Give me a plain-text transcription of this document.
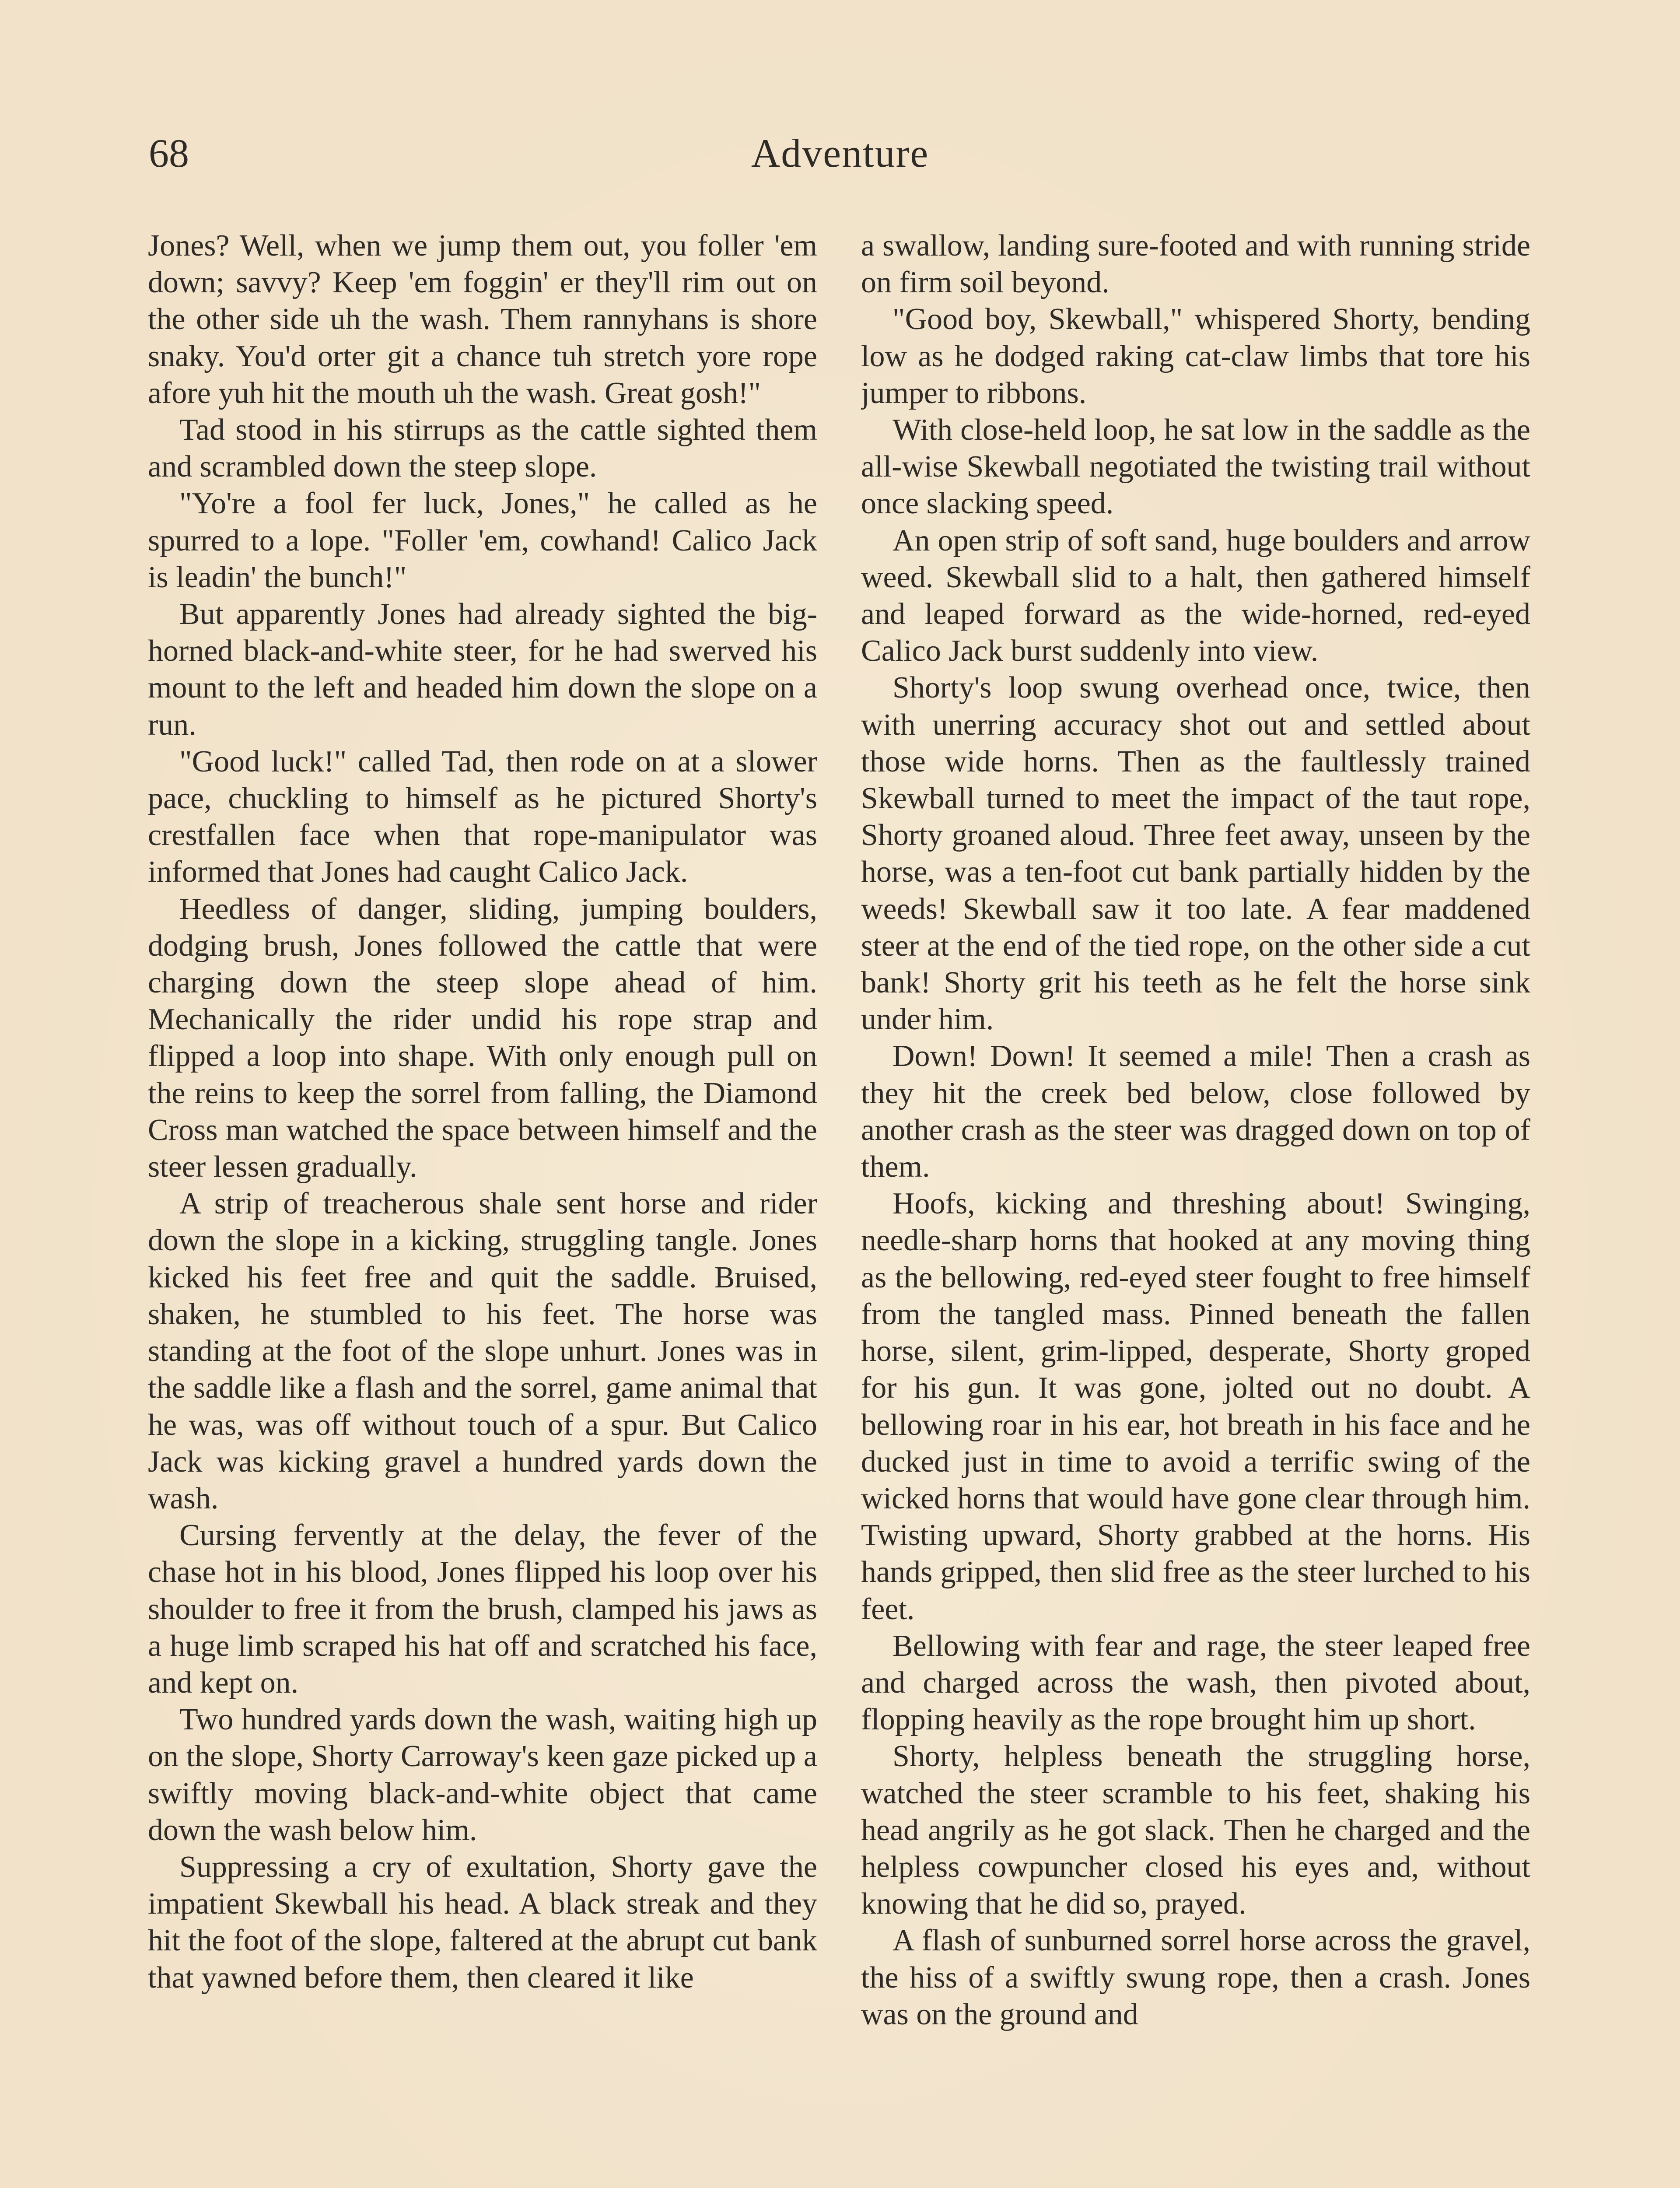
68	Adventure

Jones? Well, when we jump them out, you foller 'em down; savvy? Keep 'em foggin' er they'll rim out on the other side uh the wash. Them rannyhans is shore snaky. You'd orter git a chance tuh stretch yore rope afore yuh hit the mouth uh the wash. Great gosh!"

Tad stood in his stirrups as the cattle sighted them and scrambled down the steep slope.

"Yo're a fool fer luck, Jones," he called as he spurred to a lope. "Foller 'em, cowhand! Calico Jack is leadin' the bunch!"

But apparently Jones had already sighted the big-horned black-and-white steer, for he had swerved his mount to the left and headed him down the slope on a run.

"Good luck!" called Tad, then rode on at a slower pace, chuckling to himself as he pictured Shorty's crestfallen face when that rope-manipulator was informed that Jones had caught Calico Jack.

Heedless of danger, sliding, jumping boulders, dodging brush, Jones followed the cattle that were charging down the steep slope ahead of him. Mechanically the rider undid his rope strap and flipped a loop into shape. With only enough pull on the reins to keep the sorrel from falling, the Diamond Cross man watched the space between himself and the steer lessen gradually.

A strip of treacherous shale sent horse and rider down the slope in a kicking, struggling tangle. Jones kicked his feet free and quit the saddle. Bruised, shaken, he stumbled to his feet. The horse was standing at the foot of the slope unhurt. Jones was in the saddle like a flash and the sorrel, game animal that he was, was off without touch of a spur. But Calico Jack was kicking gravel a hundred yards down the wash.

Cursing fervently at the delay, the fever of the chase hot in his blood, Jones flipped his loop over his shoulder to free it from the brush, clamped his jaws as a huge limb scraped his hat off and scratched his face, and kept on.

Two hundred yards down the wash, waiting high up on the slope, Shorty Carroway's keen gaze picked up a swiftly moving black-and-white object that came down the wash below him.

Suppressing a cry of exultation, Shorty gave the impatient Skewball his head. A black streak and they hit the foot of the slope, faltered at the abrupt cut bank that yawned before them, then cleared it like

a swallow, landing sure-footed and with running stride on firm soil beyond.

"Good boy, Skewball," whispered Shorty, bending low as he dodged raking cat-claw limbs that tore his jumper to ribbons.

With close-held loop, he sat low in the saddle as the all-wise Skewball negotiated the twisting trail without once slacking speed.

An open strip of soft sand, huge boulders and arrow weed. Skewball slid to a halt, then gathered himself and leaped forward as the wide-horned, red-eyed Calico Jack burst suddenly into view.

Shorty's loop swung overhead once, twice, then with unerring accuracy shot out and settled about those wide horns. Then as the faultlessly trained Skewball turned to meet the impact of the taut rope, Shorty groaned aloud. Three feet away, unseen by the horse, was a ten-foot cut bank partially hidden by the weeds! Skewball saw it too late. A fear maddened steer at the end of the tied rope, on the other side a cut bank! Shorty grit his teeth as he felt the horse sink under him.

Down! Down! It seemed a mile! Then a crash as they hit the creek bed below, close followed by another crash as the steer was dragged down on top of them.

Hoofs, kicking and threshing about! Swinging, needle-sharp horns that hooked at any moving thing as the bellowing, red-eyed steer fought to free himself from the tangled mass. Pinned beneath the fallen horse, silent, grim-lipped, desperate, Shorty groped for his gun. It was gone, jolted out no doubt. A bellowing roar in his ear, hot breath in his face and he ducked just in time to avoid a terrific swing of the wicked horns that would have gone clear through him. Twisting upward, Shorty grabbed at the horns. His hands gripped, then slid free as the steer lurched to his feet.

Bellowing with fear and rage, the steer leaped free and charged across the wash, then pivoted about, flopping heavily as the rope brought him up short.

Shorty, helpless beneath the struggling horse, watched the steer scramble to his feet, shaking his head angrily as he got slack. Then he charged and the helpless cowpuncher closed his eyes and, without knowing that he did so, prayed.

A flash of sunburned sorrel horse across the gravel, the hiss of a swiftly swung rope, then a crash. Jones was on the ground and
